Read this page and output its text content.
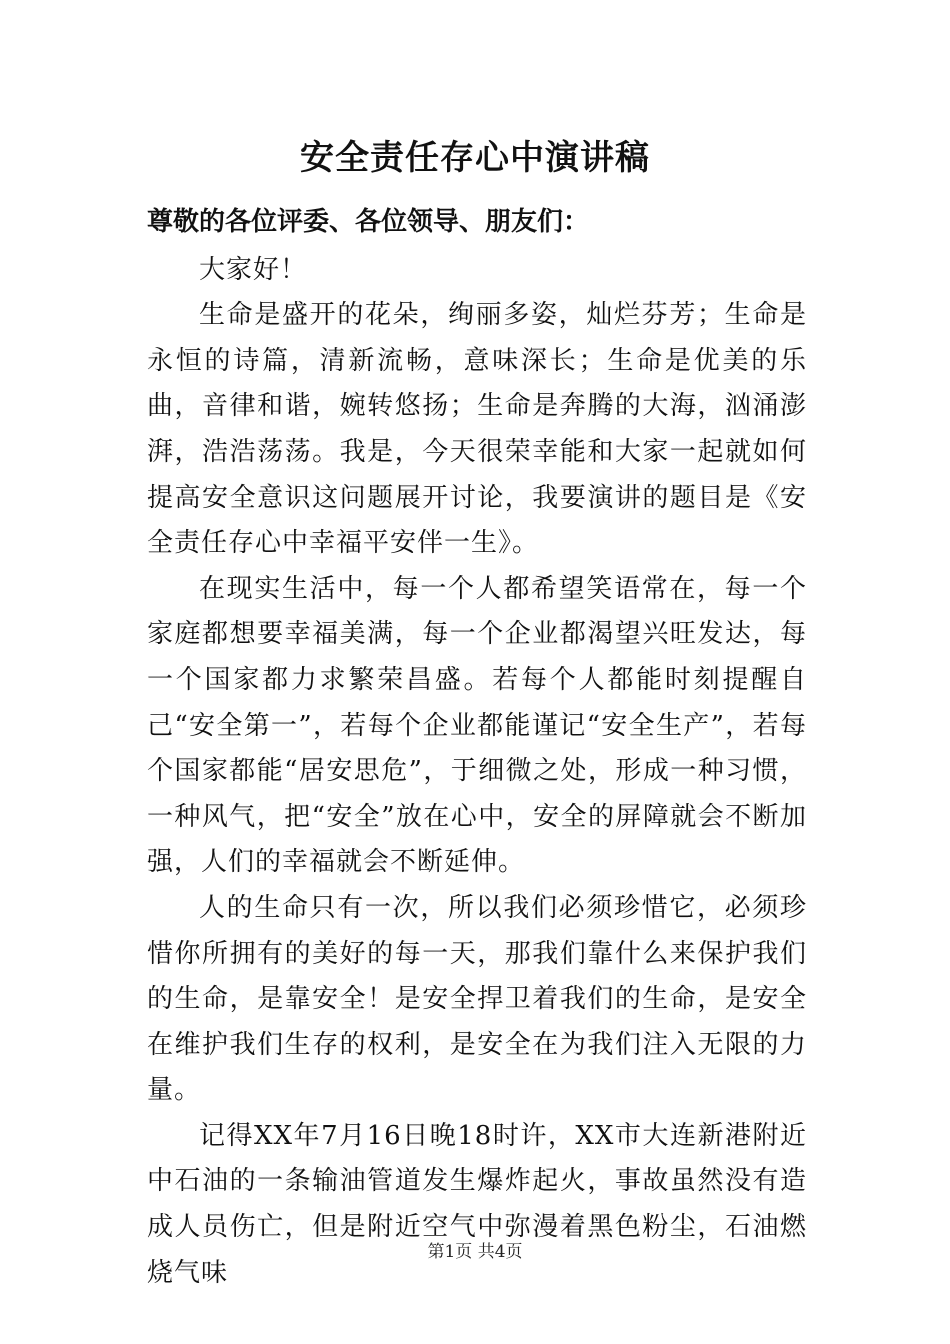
安全责任存心中演讲稿

尊敬的各位评委、各位领导、朋友们：

大家好！

生命是盛开的花朵，绚丽多姿，灿烂芬芳；生命是永恒的诗篇，清新流畅，意味深长；生命是优美的乐曲，音律和谐，婉转悠扬；生命是奔腾的大海，汹涌澎湃，浩浩荡荡。我是，今天很荣幸能和大家一起就如何提高安全意识这问题展开讨论，我要演讲的题目是《安全责任存心中幸福平安伴一生》。

在现实生活中，每一个人都希望笑语常在，每一个家庭都想要幸福美满，每一个企业都渴望兴旺发达，每一个国家都力求繁荣昌盛。若每个人都能时刻提醒自己“安全第一”，若每个企业都能谨记“安全生产”，若每个国家都能“居安思危”，于细微之处，形成一种习惯，一种风气，把“安全”放在心中，安全的屏障就会不断加强，人们的幸福就会不断延伸。

人的生命只有一次，所以我们必须珍惜它，必须珍惜你所拥有的美好的每一天，那我们靠什么来保护我们的生命，是靠安全！是安全捍卫着我们的生命，是安全在维护我们生存的权利，是安全在为我们注入无限的力量。

记得XX年7月16日晚18时许，XX市大连新港附近中石油的一条输油管道发生爆炸起火，事故虽然没有造成人员伤亡，但是附近空气中弥漫着黑色粉尘，石油燃烧气味

第1页 共4页
